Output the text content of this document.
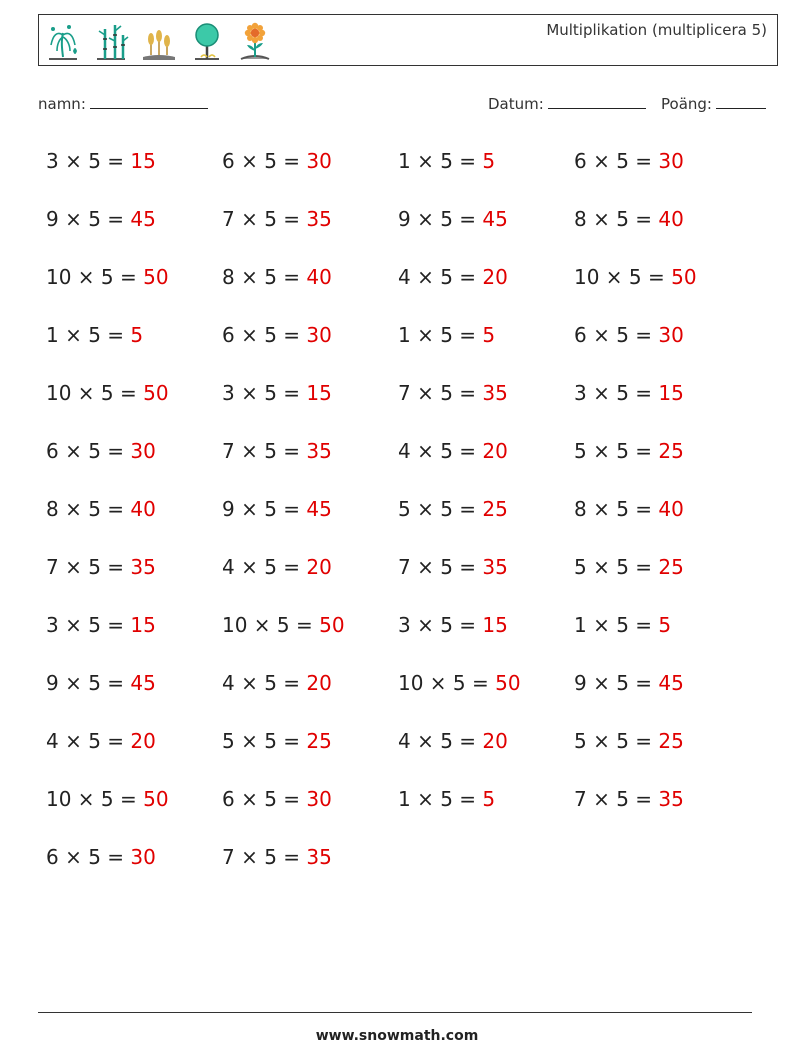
Multiplikation (multiplicera 5)
namn:	Datum:	Poäng:
3 × 5 = 15	6 × 5 = 30	1 × 5 = 5	6 × 5 = 30
9 × 5 = 45	7 × 5 = 35	9 × 5 = 45	8 × 5 = 40
10 × 5 = 50	8 × 5 = 40	4 × 5 = 20	10 × 5 = 50
1 × 5 = 5	6 × 5 = 30	1 × 5 = 5	6 × 5 = 30
10 × 5 = 50	3 × 5 = 15	7 × 5 = 35	3 × 5 = 15
6 × 5 = 30	7 × 5 = 35	4 × 5 = 20	5 × 5 = 25
8 × 5 = 40	9 × 5 = 45	5 × 5 = 25	8 × 5 = 40
7 × 5 = 35	4 × 5 = 20	7 × 5 = 35	5 × 5 = 25
3 × 5 = 15	10 × 5 = 50	3 × 5 = 15	1 × 5 = 5
9 × 5 = 45	4 × 5 = 20	10 × 5 = 50	9 × 5 = 45
4 × 5 = 20	5 × 5 = 25	4 × 5 = 20	5 × 5 = 25
10 × 5 = 50	6 × 5 = 30	1 × 5 = 5	7 × 5 = 35
6 × 5 = 30	7 × 5 = 35
www.snowmath.com
